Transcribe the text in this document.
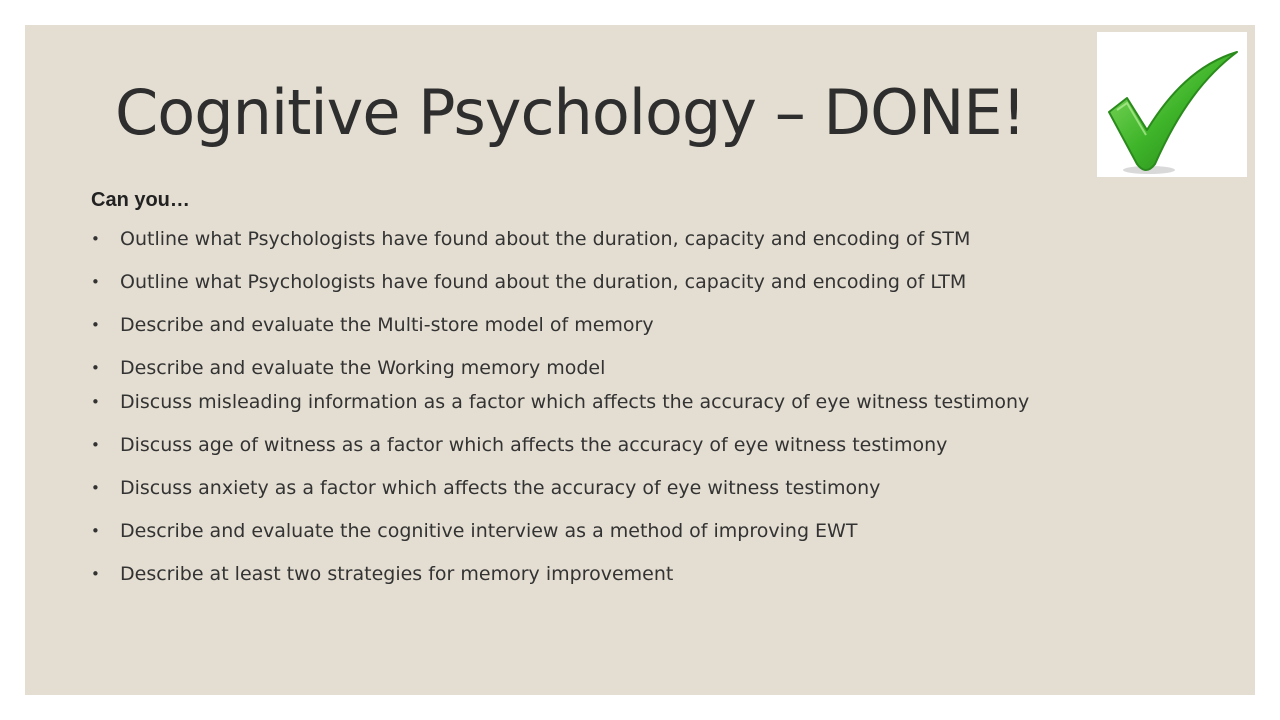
Cognitive Psychology – DONE!

Can you…

• Outline what Psychologists have found about the duration, capacity and encoding of STM
• Outline what Psychologists have found about the duration, capacity and encoding of LTM
• Describe and evaluate the Multi-store model of memory
• Describe and evaluate the Working memory model
• Discuss misleading information as a factor which affects the accuracy of eye witness testimony
• Discuss age of witness as a factor which affects the accuracy of eye witness testimony
• Discuss anxiety as a factor which affects the accuracy of eye witness testimony
• Describe and evaluate the cognitive interview as a method of improving EWT
• Describe at least two strategies for memory improvement
